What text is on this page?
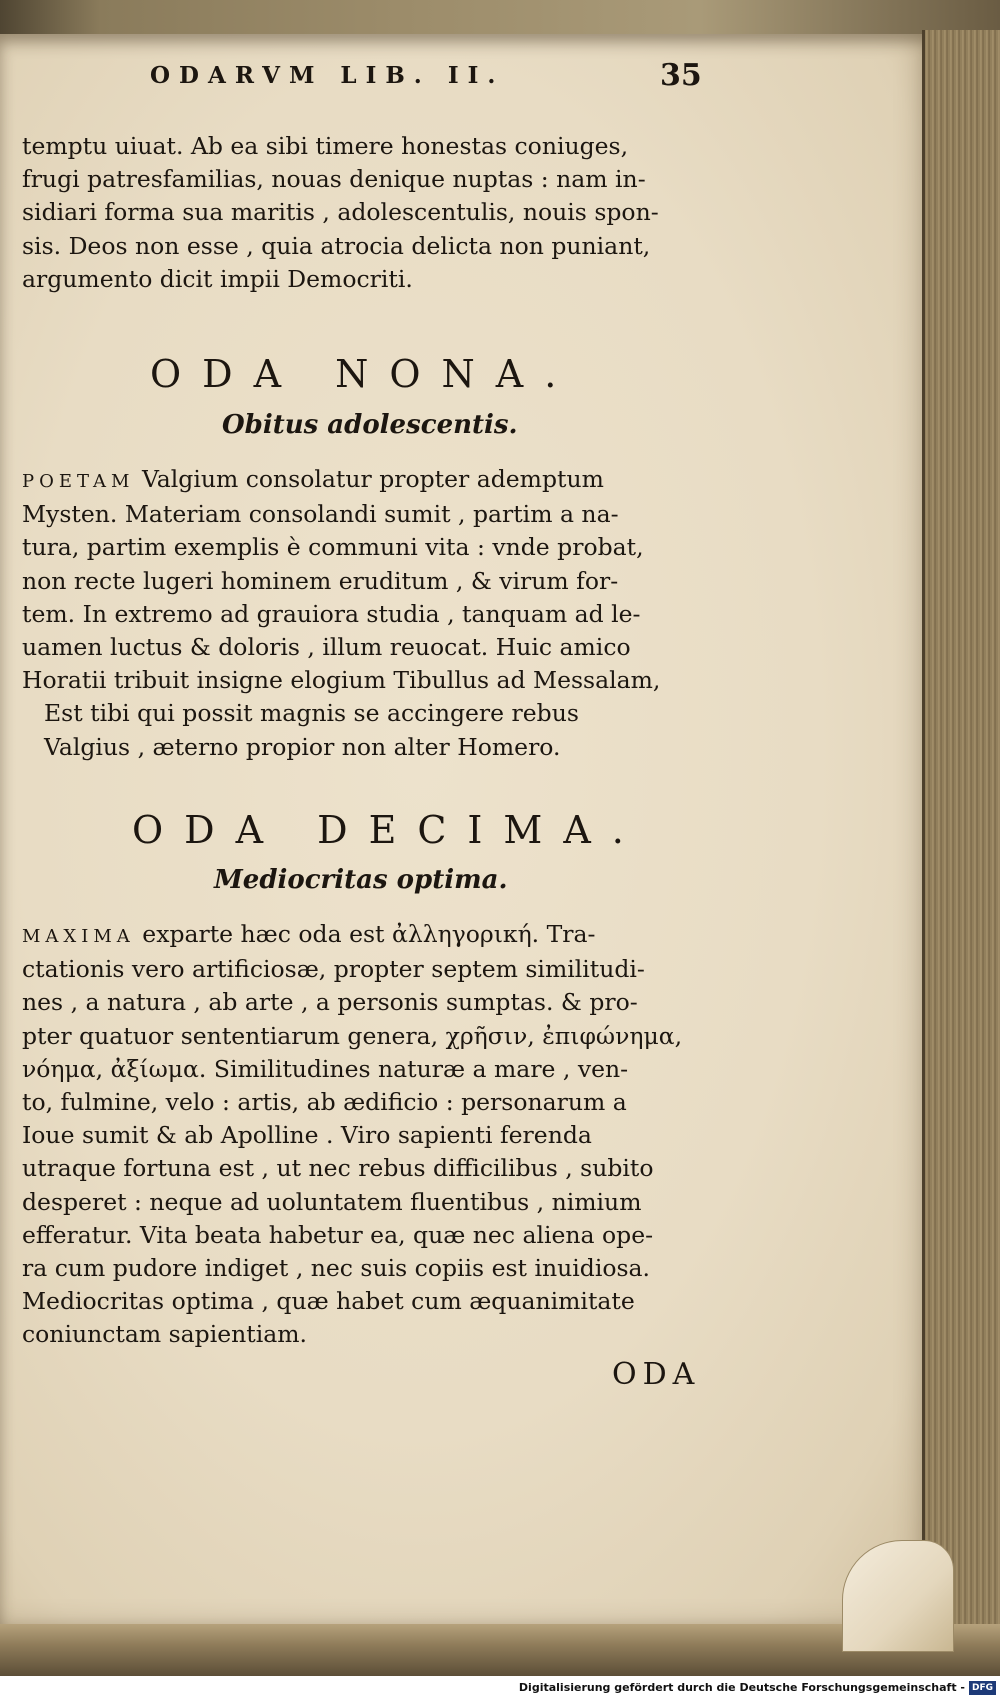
ODARVM LIB. II.	35
temptu uiuat. Ab ea sibi timere honestas coniuges,
frugi patresfamilias, nouas denique nuptas : nam in-
sidiari forma sua maritis , adolescentulis, nouis spon-
sis. Deos non esse , quia atrocia delicta non puniant,
argumento dicit impii Democriti.
ODA NONA.
Obitus adolescentis.
POETAM Valgium consolatur propter ademptum
Mysten. Materiam consolandi sumit , partim a na-
tura, partim exemplis è communi vita : vnde probat,
non recte lugeri hominem eruditum , & virum for-
tem. In extremo ad grauiora studia , tanquam ad le-
uamen luctus & doloris , illum reuocat. Huic amico
Horatii tribuit insigne elogium Tibullus ad Messalam,
Est tibi qui possit magnis se accingere rebus
Valgius , æterno propior non alter Homero.
ODA DECIMA.
Mediocritas optima.
MAXIMA exparte hæc oda est ἀλληγορική. Tra-
ctationis vero artificiosæ, propter septem similitudi-
nes , a natura , ab arte , a personis sumptas. & pro-
pter quatuor sententiarum genera, χρῆσιν, ἐπιφώνημα,
νόημα, ἀξίωμα. Similitudines naturæ a mare , ven-
to, fulmine, velo : artis, ab ædificio : personarum a
Ioue sumit & ab Apolline . Viro sapienti ferenda
utraque fortuna est , ut nec rebus difficilibus , subito
desperet : neque ad uoluntatem fluentibus , nimium
efferatur. Vita beata habetur ea, quæ nec aliena ope-
ra cum pudore indiget , nec suis copiis est inuidiosa.
Mediocritas optima , quæ habet cum æquanimitate
coniunctam sapientiam.
ODA
Digitalisierung gefördert durch die Deutsche Forschungsgemeinschaft - DFG
